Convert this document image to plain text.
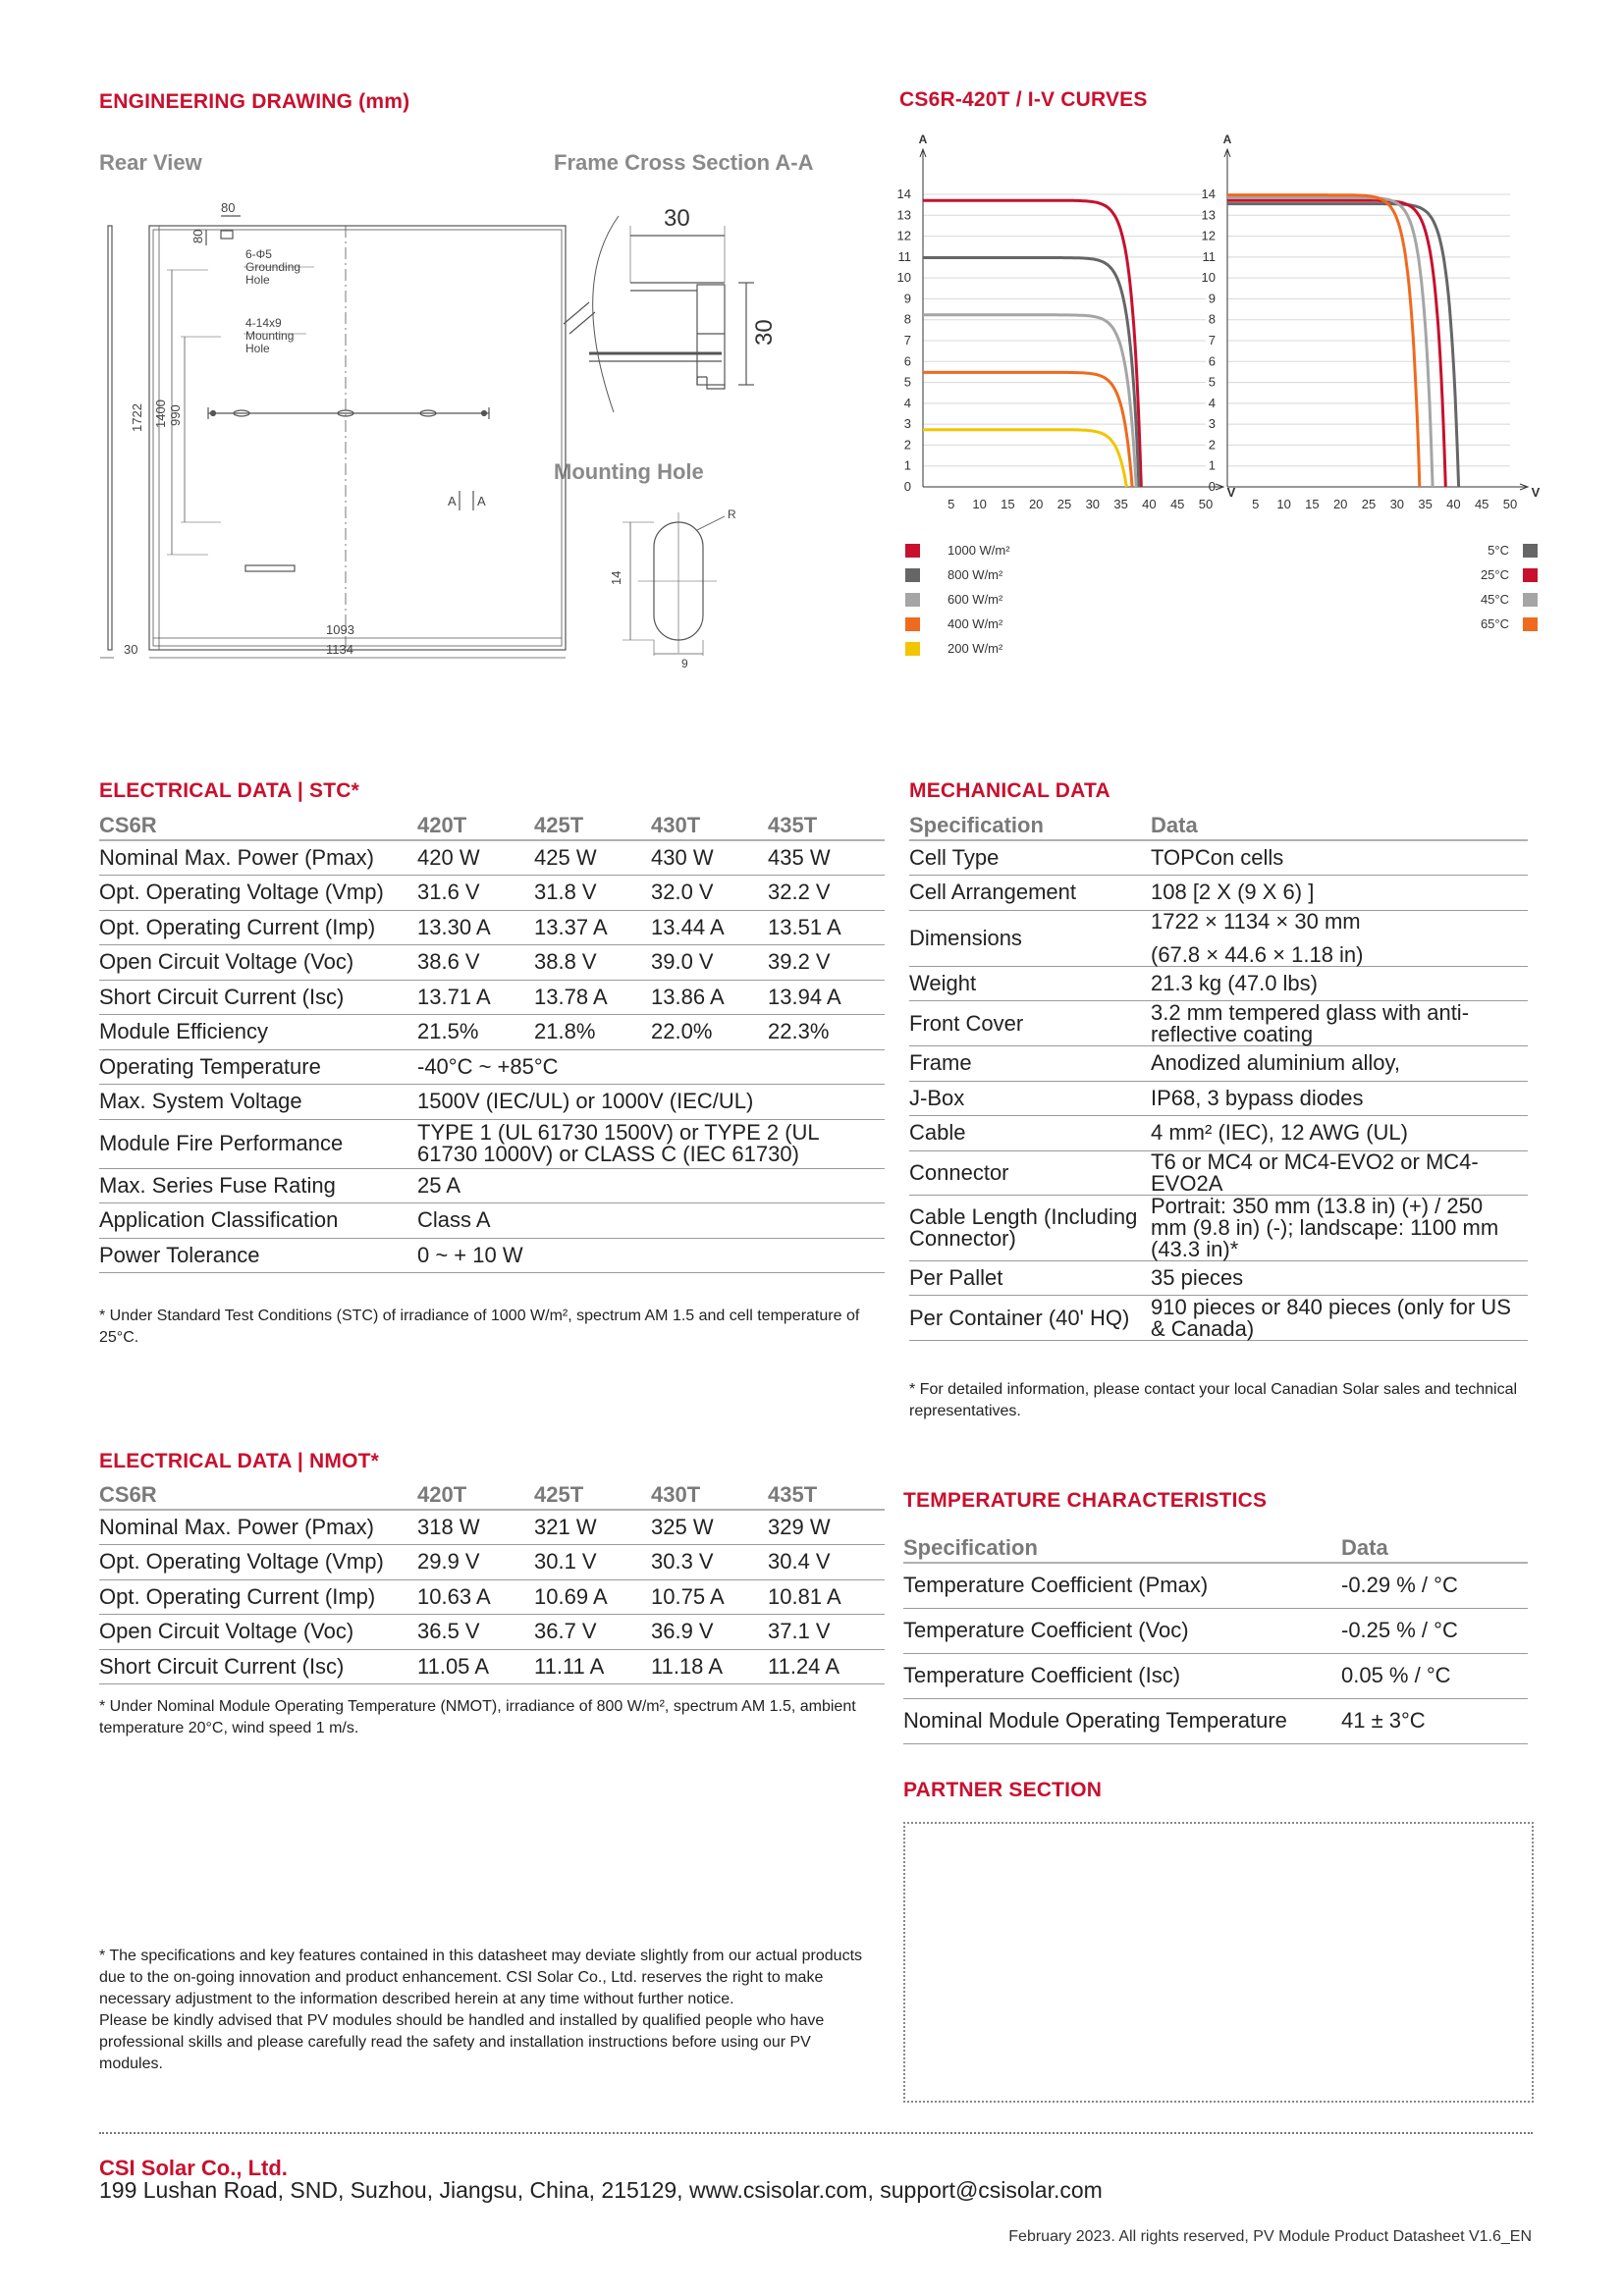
ENGINEERING DRAWING (mm)
Rear View	Frame Cross Section A-A
Mounting Hole
80
80
6-Φ5
Grounding
Hole
4-14x9
Mounting
Hole
1722 1400 990
1093
1134
30
A A
30
30
14
9
R
CS6R-420T / I-V CURVES
A
0
1
2
3
4
5
6
7
8
9
10
11
12
13
14
V
5 10 15 20 25 30 35 40 45 50
A
0
1
2
3
4
5
6
7
8
9
10
11
12
13
14
V
5 10 15 20 25 30 35 40 45 50
1000 W/m²
800 W/m²
600 W/m²
400 W/m²
200 W/m²
5°C
25°C
45°C
65°C
ELECTRICAL DATA | STC*
CS6R	420T	425T	430T	435T
Nominal Max. Power (Pmax)	420 W	425 W	430 W	435 W
Opt. Operating Voltage (Vmp)	31.6 V	31.8 V	32.0 V	32.2 V
Opt. Operating Current (Imp)	13.30 A	13.37 A	13.44 A	13.51 A
Open Circuit Voltage (Voc)	38.6 V	38.8 V	39.0 V	39.2 V
Short Circuit Current (Isc)	13.71 A	13.78 A	13.86 A	13.94 A
Module Efficiency	21.5%	21.8%	22.0%	22.3%
Operating Temperature	-40°C ~ +85°C			
Max. System Voltage	1500V (IEC/UL) or 1000V (IEC/UL)			
Module Fire Performance	TYPE 1 (UL 61730 1500V) or TYPE 2 (UL 61730 1000V) or CLASS C (IEC 61730)			
Max. Series Fuse Rating	25 A			
Application Classification	Class A			
Power Tolerance	0 ~ + 10 W			
* Under Standard Test Conditions (STC) of irradiance of 1000 W/m², spectrum AM 1.5 and cell temperature of 25°C.
ELECTRICAL DATA | NMOT*
CS6R	420T	425T	430T	435T
Nominal Max. Power (Pmax)	318 W	321 W	325 W	329 W
Opt. Operating Voltage (Vmp)	29.9 V	30.1 V	30.3 V	30.4 V
Opt. Operating Current (Imp)	10.63 A	10.69 A	10.75 A	10.81 A
Open Circuit Voltage (Voc)	36.5 V	36.7 V	36.9 V	37.1 V
Short Circuit Current (Isc)	11.05 A	11.11 A	11.18 A	11.24 A
* Under Nominal Module Operating Temperature (NMOT), irradiance of 800 W/m², spectrum AM 1.5, ambient temperature 20°C, wind speed 1 m/s.
MECHANICAL DATA
Specification	Data
Cell Type	TOPCon cells

Cell Arrangement	108 [2 X (9 X 6) ]

Dimensions	1722 × 1134 × 30 mm
(67.8 × 44.6 × 1.18 in)

Weight	21.3 kg (47.0 lbs)

Front Cover	3.2 mm tempered glass with anti-reflective coating

Frame	Anodized aluminium alloy,

J-Box	IP68, 3 bypass diodes

Cable	4 mm² (IEC), 12 AWG (UL)

Connector	T6 or MC4 or MC4-EVO2 or MC4-EVO2A

Cable Length (Including Connector)	Portrait: 350 mm (13.8 in) (+) / 250 mm (9.8 in) (-); landscape: 1100 mm (43.3 in)*

Per Pallet	35 pieces

Per Container (40' HQ)	910 pieces or 840 pieces (only for US & Canada)
* For detailed information, please contact your local Canadian Solar sales and technical representatives.
TEMPERATURE CHARACTERISTICS
Specification	Data
Temperature Coefficient (Pmax)	-0.29 % / °C

Temperature Coefficient (Voc)	-0.25 % / °C

Temperature Coefficient (Isc)	0.05 % / °C

Nominal Module Operating Temperature	41 ± 3°C
PARTNER SECTION
* The specifications and key features contained in this datasheet may deviate slightly from our actual products due to the on-going innovation and product enhancement. CSI Solar Co., Ltd. reserves the right to make necessary adjustment to the information described herein at any time without further notice.
Please be kindly advised that PV modules should be handled and installed by qualified people who have professional skills and please carefully read the safety and installation instructions before using our PV modules.
CSI Solar Co., Ltd.
199 Lushan Road, SND, Suzhou, Jiangsu, China, 215129, www.csisolar.com, support@csisolar.com
February 2023. All rights reserved, PV Module Product Datasheet V1.6_EN
